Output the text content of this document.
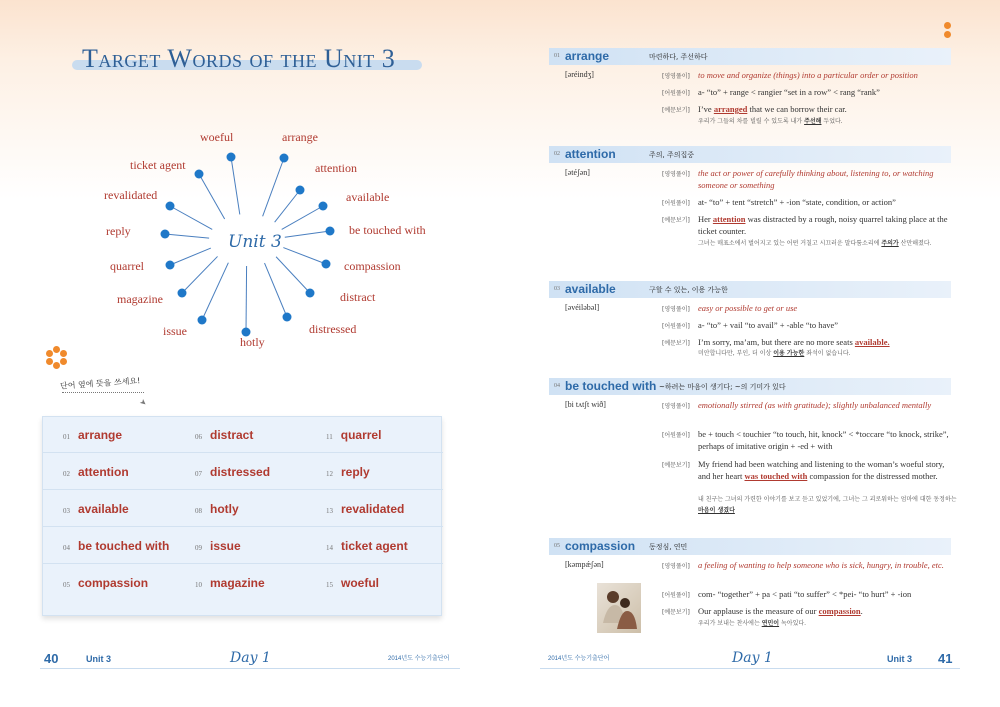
Target Words of the Unit 3
Unit 3
woeful	arrange
attention
available
be touched with
compassion
distract
distressed
hotly
issue
magazine
quarrel
reply
revalidated
ticket agent
단어 옆에 뜻을 쓰세요!
➤
01 arrange	06 distract	11 quarrel
02 attention	07 distressed	12 reply
03 available	08 hotly	13 revalidated
04 be touched with	09 issue	14 ticket agent
05 compassion	10 magazine	15 woeful
40	Unit 3	Day 1	2014년도 수능기출단어
01 arrange	마련하다, 주선하다
[əréindʒ]	[영영풀이] to move and organize (things) into a particular order or position
[어원풀이] a- “to” + range < rangier “set in a row” < rang “rank”
[예문보기] I’ve arranged that we can borrow their car.
우리가 그들의 차를 빌릴 수 있도록 내가 주선해 두었다.
02 attention	주의, 주의집중
[ətéʃən]	[영영풀이] the act or power of carefully thinking about, listening to, or watching someone or something
[어원풀이] at- “to” + tent “stretch” + -ion “state, condition, or action”
[예문보기] Her attention was distracted by a rough, noisy quarrel taking place at the ticket counter.
그녀는 매표소에서 벌어지고 있는 어떤 거칠고 시끄러운 말다툼소리에 주의가 산만해졌다.
03 available	구할 수 있는, 이용 가능한
[əvéiləbəl]	[영영풀이] easy or possible to get or use
[어원풀이] a- “to” + vail “to avail” + -able “to have”
[예문보기] I’m sorry, ma’am, but there are no more seats available.
미안합니다만, 부인, 더 이상 이용 가능한 좌석이 없습니다.
04 be touched with ~하려는 마음이 생기다; ~의 기미가 있다
[bi tʌtʃt wið]	[영영풀이] emotionally stirred (as with gratitude); slightly unbalanced mentally
[어원풀이] be + touch < touchier “to touch, hit, knock” < *toccare “to knock, strike”, perhaps of imitative origin + -ed + with
[예문보기] My friend had been watching and listening to the woman’s woeful story, and her heart was touched with compassion for the distressed mother.
내 친구는 그녀의 가련한 이야기를 보고 듣고 있었기에, 그녀는 그 괴로워하는 엄마에 대한 동정하는 마음이 생겼다
05 compassion 동정심, 연민
[kəmpǽʃən]	[영영풀이] a feeling of wanting to help someone who is sick, hungry, in trouble, etc.
[어원풀이] com- “together” + pa < pati “to suffer” < *pei- “to hurt” + -ion
[예문보기] Our applause is the measure of our compassion.
우리가 보내는 찬사에는 연민이 녹아있다.
2014년도 수능기출단어	Day 1	Unit 3 41
